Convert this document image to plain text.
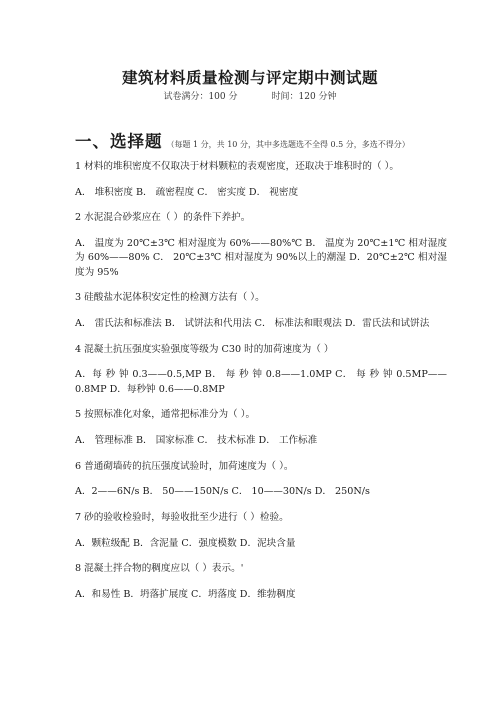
建筑材料质量检测与评定期中测试题
试卷满分：100 分	时间：120 分钟
一、选择题 （每题 1 分，共 10 分，其中多选题选不全得 0.5 分，多选不得分）
1 材料的堆积密度不仅取决于材料颗粒的表观密度，还取决于堆积时的（ ）。
A． 堆积密度 B． 疏密程度 C． 密实度 D． 视密度
2 水泥混合砂浆应在（ ）的条件下养护。
A． 温度为 20℃±3℃ 相对湿度为 60%——80%℃ B． 温度为 20℃±1℃ 相对湿度为 60%——80% C． 20℃±3℃ 相对湿度为 90%以上的潮湿 D．20℃±2℃ 相对湿度为 95%
3 硅酸盐水泥体积安定性的检测方法有（ ）。
A． 雷氏法和标准法 B． 试饼法和代用法 C． 标准法和眼观法 D．雷氏法和试饼法
4 混凝土抗压强度实验强度等级为 C30 时的加荷速度为（ ）
A．每 秒 钟 0.3——0.5,MP B． 每 秒 钟 0.8——1.0MP C． 每 秒 钟 0.5MP——0.8MP D．每秒钟 0.6——0.8MP
5 按照标准化对象，通常把标准分为（ ）。
A． 管理标准 B． 国家标准 C． 技术标准 D． 工作标准
6 普通砌墙砖的抗压强度试验时，加荷速度为（ ）。
A．2——6N/s B． 50——150N/s C． 10——30N/s D． 250N/s
7 砂的验收检验时，每验收批至少进行（ ）检验。
A．颗粒级配 B．含泥量 C．强度模数 D．泥块含量
8 混凝土拌合物的稠度应以（ ）表示。'
A．和易性 B．坍落扩展度 C．坍落度 D．维勃稠度
